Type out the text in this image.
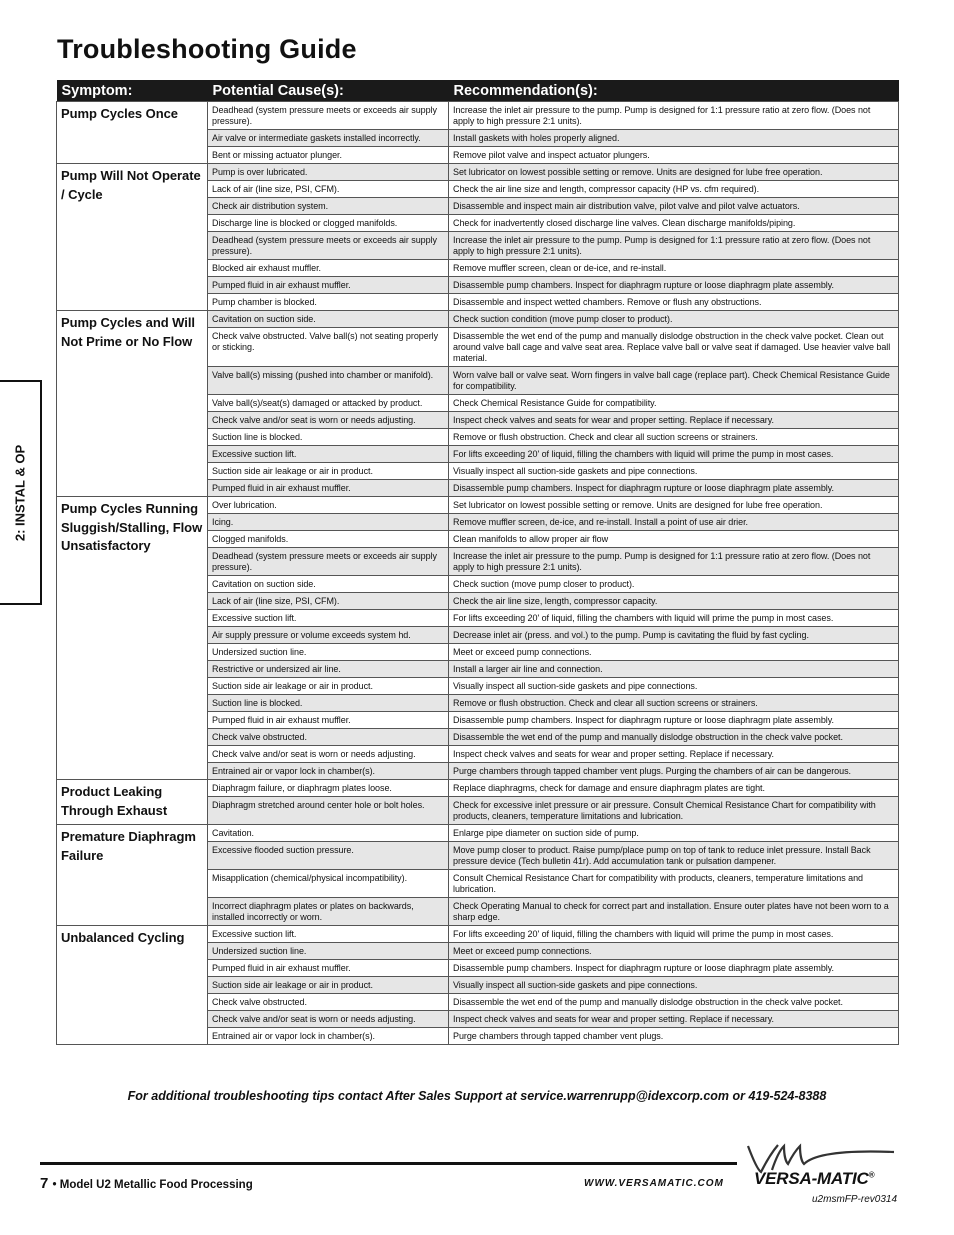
Troubleshooting Guide
2: INSTAL & OP
Symptom:	Potential Cause(s):	Recommendation(s):
Pump Cycles Once	Deadhead (system pressure meets or exceeds air supply pressure).	Increase the inlet air pressure to the pump. Pump is designed for 1:1 pressure ratio at zero flow. (Does not apply to high pressure 2:1 units).
	Air valve or intermediate gaskets installed incorrectly.	Install gaskets with holes properly aligned.
	Bent or missing actuator plunger.	Remove pilot valve and inspect actuator plungers.
Pump Will Not Operate / Cycle	Pump is over lubricated.	Set lubricator on lowest possible setting or remove. Units are designed for lube free operation.
	Lack of air (line size, PSI, CFM).	Check the air line size and length, compressor capacity (HP vs. cfm required).
	Check air distribution system.	Disassemble and inspect main air distribution valve, pilot valve and pilot valve actuators.
	Discharge line is blocked or clogged manifolds.	Check for inadvertently closed discharge line valves. Clean discharge manifolds/piping.
	Deadhead (system pressure meets or exceeds air supply pressure).	Increase the inlet air pressure to the pump. Pump is designed for 1:1 pressure ratio at zero flow. (Does not apply to high pressure 2:1 units).
	Blocked air exhaust muffler.	Remove muffler screen, clean or de-ice, and re-install.
	Pumped fluid in air exhaust muffler.	Disassemble pump chambers. Inspect for diaphragm rupture or loose diaphragm plate assembly.
	Pump chamber is blocked.	Disassemble and inspect wetted chambers. Remove or flush any obstructions.
Pump Cycles and Will Not Prime or No Flow	Cavitation on suction side.	Check suction condition (move pump closer to product).
	Check valve obstructed. Valve ball(s) not seating properly or sticking.	Disassemble the wet end of the pump and manually dislodge obstruction in the check valve pocket. Clean out around valve ball cage and valve seat area. Replace valve ball or valve seat if damaged. Use heavier valve ball material.
	Valve ball(s) missing (pushed into chamber or manifold).	Worn valve ball or valve seat. Worn fingers in valve ball cage (replace part). Check Chemical Resistance Guide for compatibility.
	Valve ball(s)/seat(s) damaged or attacked by product.	Check Chemical Resistance Guide for compatibility.
	Check valve and/or seat is worn or needs adjusting.	Inspect check valves and seats for wear and proper setting. Replace if necessary.
	Suction line is blocked.	Remove or flush obstruction. Check and clear all suction screens or strainers.
	Excessive suction lift.	For lifts exceeding 20' of liquid, filling the chambers with liquid will prime the pump in most cases.
	Suction side air leakage or air in product.	Visually inspect all suction-side gaskets and pipe connections.
	Pumped fluid in air exhaust muffler.	Disassemble pump chambers. Inspect for diaphragm rupture or loose diaphragm plate assembly.
Pump Cycles Running Sluggish/Stalling, Flow Unsatisfactory	Over lubrication.	Set lubricator on lowest possible setting or remove. Units are designed for lube free operation.
	Icing.	Remove muffler screen, de-ice, and re-install. Install a point of use air drier.
	Clogged manifolds.	Clean manifolds to allow proper air flow
	Deadhead (system pressure meets or exceeds air supply pressure).	Increase the inlet air pressure to the pump. Pump is designed for 1:1 pressure ratio at zero flow. (Does not apply to high pressure 2:1 units).
	Cavitation on suction side.	Check suction (move pump closer to product).
	Lack of air (line size, PSI, CFM).	Check the air line size, length, compressor capacity.
	Excessive suction lift.	For lifts exceeding 20' of liquid, filling the chambers with liquid will prime the pump in most cases.
	Air supply pressure or volume exceeds system hd.	Decrease inlet air (press. and vol.) to the pump. Pump is cavitating the fluid by fast cycling.
	Undersized suction line.	Meet or exceed pump connections.
	Restrictive or undersized air line.	Install a larger air line and connection.
	Suction side air leakage or air in product.	Visually inspect all suction-side gaskets and pipe connections.
	Suction line is blocked.	Remove or flush obstruction. Check and clear all suction screens or strainers.
	Pumped fluid in air exhaust muffler.	Disassemble pump chambers. Inspect for diaphragm rupture or loose diaphragm plate assembly.
	Check valve obstructed.	Disassemble the wet end of the pump and manually dislodge obstruction in the check valve pocket.
	Check valve and/or seat is worn or needs adjusting.	Inspect check valves and seats for wear and proper setting. Replace if necessary.
	Entrained air or vapor lock in chamber(s).	Purge chambers through tapped chamber vent plugs. Purging the chambers of air can be dangerous.
Product Leaking Through Exhaust	Diaphragm failure, or diaphragm plates loose.	Replace diaphragms, check for damage and ensure diaphragm plates are tight.
	Diaphragm stretched around center hole or bolt holes.	Check for excessive inlet pressure or air pressure. Consult Chemical Resistance Chart for compatibility with products, cleaners, temperature limitations and lubrication.
Premature Diaphragm Failure	Cavitation.	Enlarge pipe diameter on suction side of pump.
	Excessive flooded suction pressure.	Move pump closer to product. Raise pump/place pump on top of tank to reduce inlet pressure. Install Back pressure device (Tech bulletin 41r). Add accumulation tank or pulsation dampener.
	Misapplication (chemical/physical incompatibility).	Consult Chemical Resistance Chart for compatibility with products, cleaners, temperature limitations and lubrication.
	Incorrect diaphragm plates or plates on backwards, installed incorrectly or worn.	Check Operating Manual to check for correct part and installation. Ensure outer plates have not been worn to a sharp edge.
Unbalanced Cycling	Excessive suction lift.	For lifts exceeding 20' of liquid, filling the chambers with liquid will prime the pump in most cases.
	Undersized suction line.	Meet or exceed pump connections.
	Pumped fluid in air exhaust muffler.	Disassemble pump chambers. Inspect for diaphragm rupture or loose diaphragm plate assembly.
	Suction side air leakage or air in product.	Visually inspect all suction-side gaskets and pipe connections.
	Check valve obstructed.	Disassemble the wet end of the pump and manually dislodge obstruction in the check valve pocket.
	Check valve and/or seat is worn or needs adjusting.	Inspect check valves and seats for wear and proper setting. Replace if necessary.
	Entrained air or vapor lock in chamber(s).	Purge chambers through tapped chamber vent plugs.
For additional troubleshooting tips contact After Sales Support at service.warrenrupp@idexcorp.com or 419-524-8388
7 • Model U2 Metallic Food Processing	WWW.VERSAMATIC.COM VERSA-MATIC®
u2msmFP-rev0314
